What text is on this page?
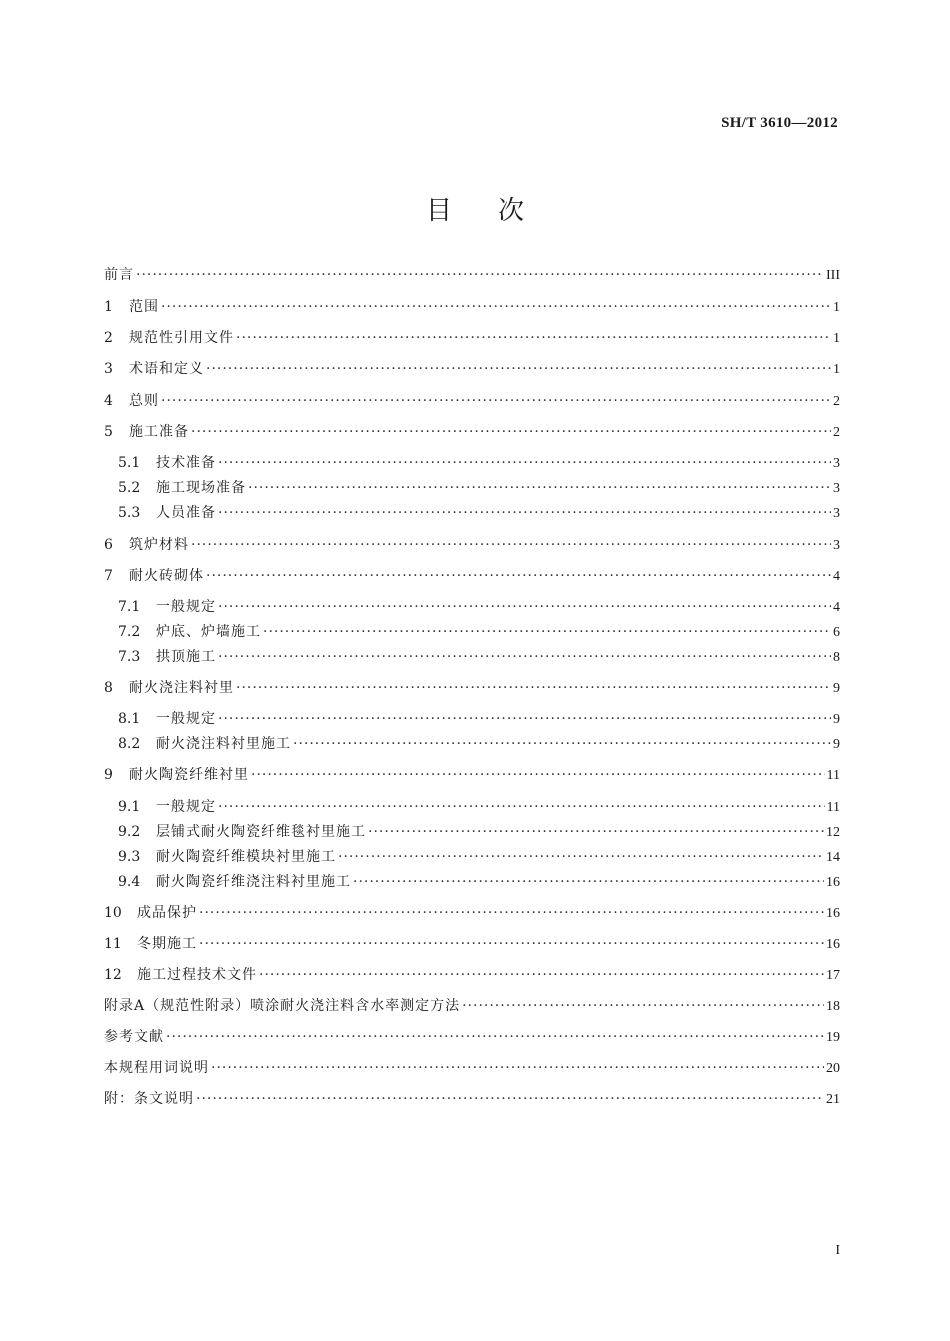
SH/T 3610—2012
目次
前言 ·····	III
1	范围 ·····	1
2	规范性引用文件 ·····	1
3	术语和定义 ·····	1
4	总则 ·····	2
5	施工准备 ·····	2
5.1	技术准备 ·····	3
5.2	施工现场准备 ·····	3
5.3	人员准备 ·····	3
6	筑炉材料 ·····	3
7	耐火砖砌体 ·····	4
7.1	一般规定 ·····	4
7.2	炉底、炉墙施工 ·····	6
7.3	拱顶施工 ·····	8
8	耐火浇注料衬里 ·····	9
8.1	一般规定 ·····	9
8.2	耐火浇注料衬里施工 ·····	9
9	耐火陶瓷纤维衬里 ·····	11
9.1	一般规定 ·····	11
9.2	层铺式耐火陶瓷纤维毯衬里施工 ·····	12
9.3	耐火陶瓷纤维模块衬里施工 ·····	14
9.4	耐火陶瓷纤维浇注料衬里施工 ·····	16
10	成品保护 ·····	16
11	冬期施工 ·····	16
12	施工过程技术文件 ·····	17
附录A（规范性附录）喷涂耐火浇注料含水率测定方法 ·····	18
参考文献 ·····	19
本规程用词说明 ·····	20
附：条文说明 ·····	21
I
